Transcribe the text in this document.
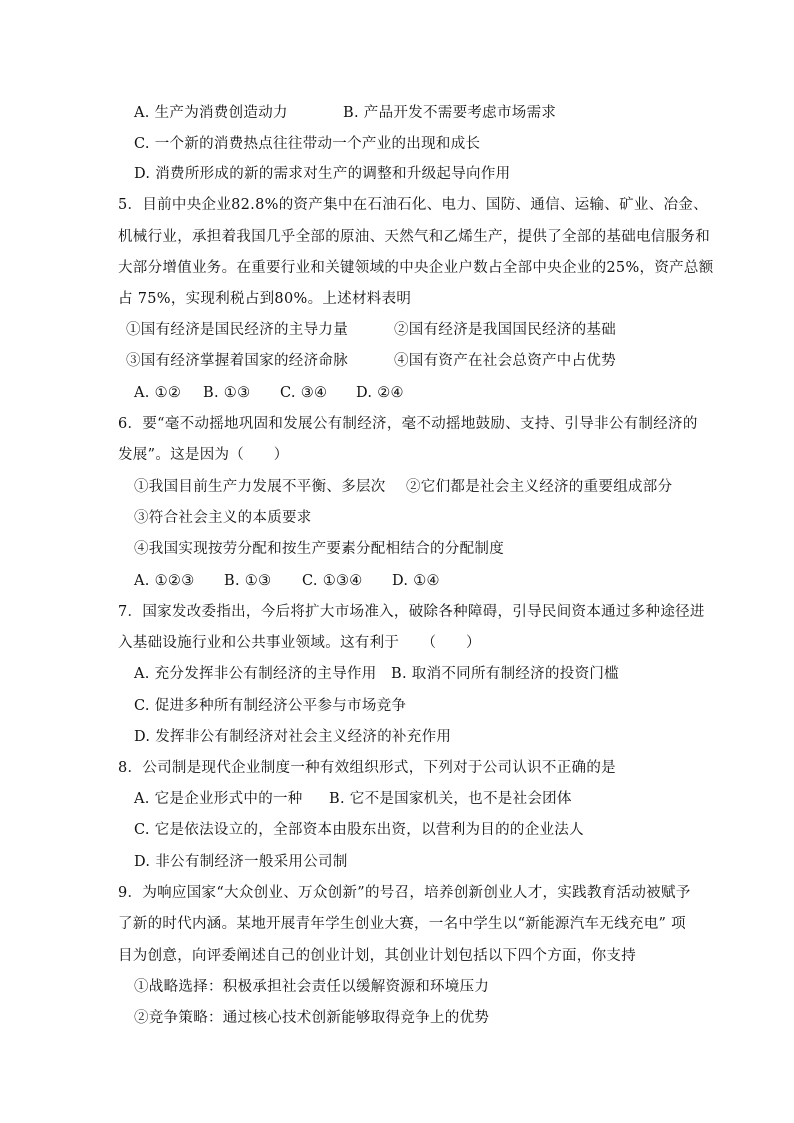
A. 生产为消费创造动力	B. 产品开发不需要考虑市场需求
C. 一个新的消费热点往往带动一个产业的出现和成长
D. 消费所形成的新的需求对生产的调整和升级起导向作用
5．目前中央企业82.8%的资产集中在石油石化、电力、国防、通信、运输、矿业、冶金、
机械行业，承担着我国几乎全部的原油、天然气和乙烯生产，提供了全部的基础电信服务和
大部分增值业务。在重要行业和关键领域的中央企业户数占全部中央企业的25%，资产总额
占 75%，实现利税占到80%。上述材料表明
①国有经济是国民经济的主导力量	②国有经济是我国国民经济的基础
③国有经济掌握着国家的经济命脉	④国有资产在社会总资产中占优势
A. ①② B. ①③ C. ③④ D. ②④
6．要“毫不动摇地巩固和发展公有制经济，毫不动摇地鼓励、支持、引导非公有制经济的
发展”。这是因为（　　）
①我国目前生产力发展不平衡、多层次 ②它们都是社会主义经济的重要组成部分
③符合社会主义的本质要求
④我国实现按劳分配和按生产要素分配相结合的分配制度
A. ①②③ B. ①③ C. ①③④ D. ①④
7．国家发改委指出，今后将扩大市场准入，破除各种障碍，引导民间资本通过多种途径进
入基础设施行业和公共事业领域。这有利于　　（　　）
A. 充分发挥非公有制经济的主导作用 B. 取消不同所有制经济的投资门槛
C. 促进多种所有制经济公平参与市场竞争
D. 发挥非公有制经济对社会主义经济的补充作用
8．公司制是现代企业制度一种有效组织形式，下列对于公司认识不正确的是
A. 它是企业形式中的一种 B. 它不是国家机关，也不是社会团体
C. 它是依法设立的，全部资本由股东出资，以营利为目的的企业法人
D. 非公有制经济一般采用公司制
9．为响应国家“大众创业、万众创新”的号召，培养创新创业人才，实践教育活动被赋予
了新的时代内涵。某地开展青年学生创业大赛，一名中学生以“新能源汽车无线充电” 项
目为创意，向评委阐述自己的创业计划，其创业计划包括以下四个方面，你支持
①战略选择：积极承担社会责任以缓解资源和环境压力
②竞争策略：通过核心技术创新能够取得竞争上的优势
